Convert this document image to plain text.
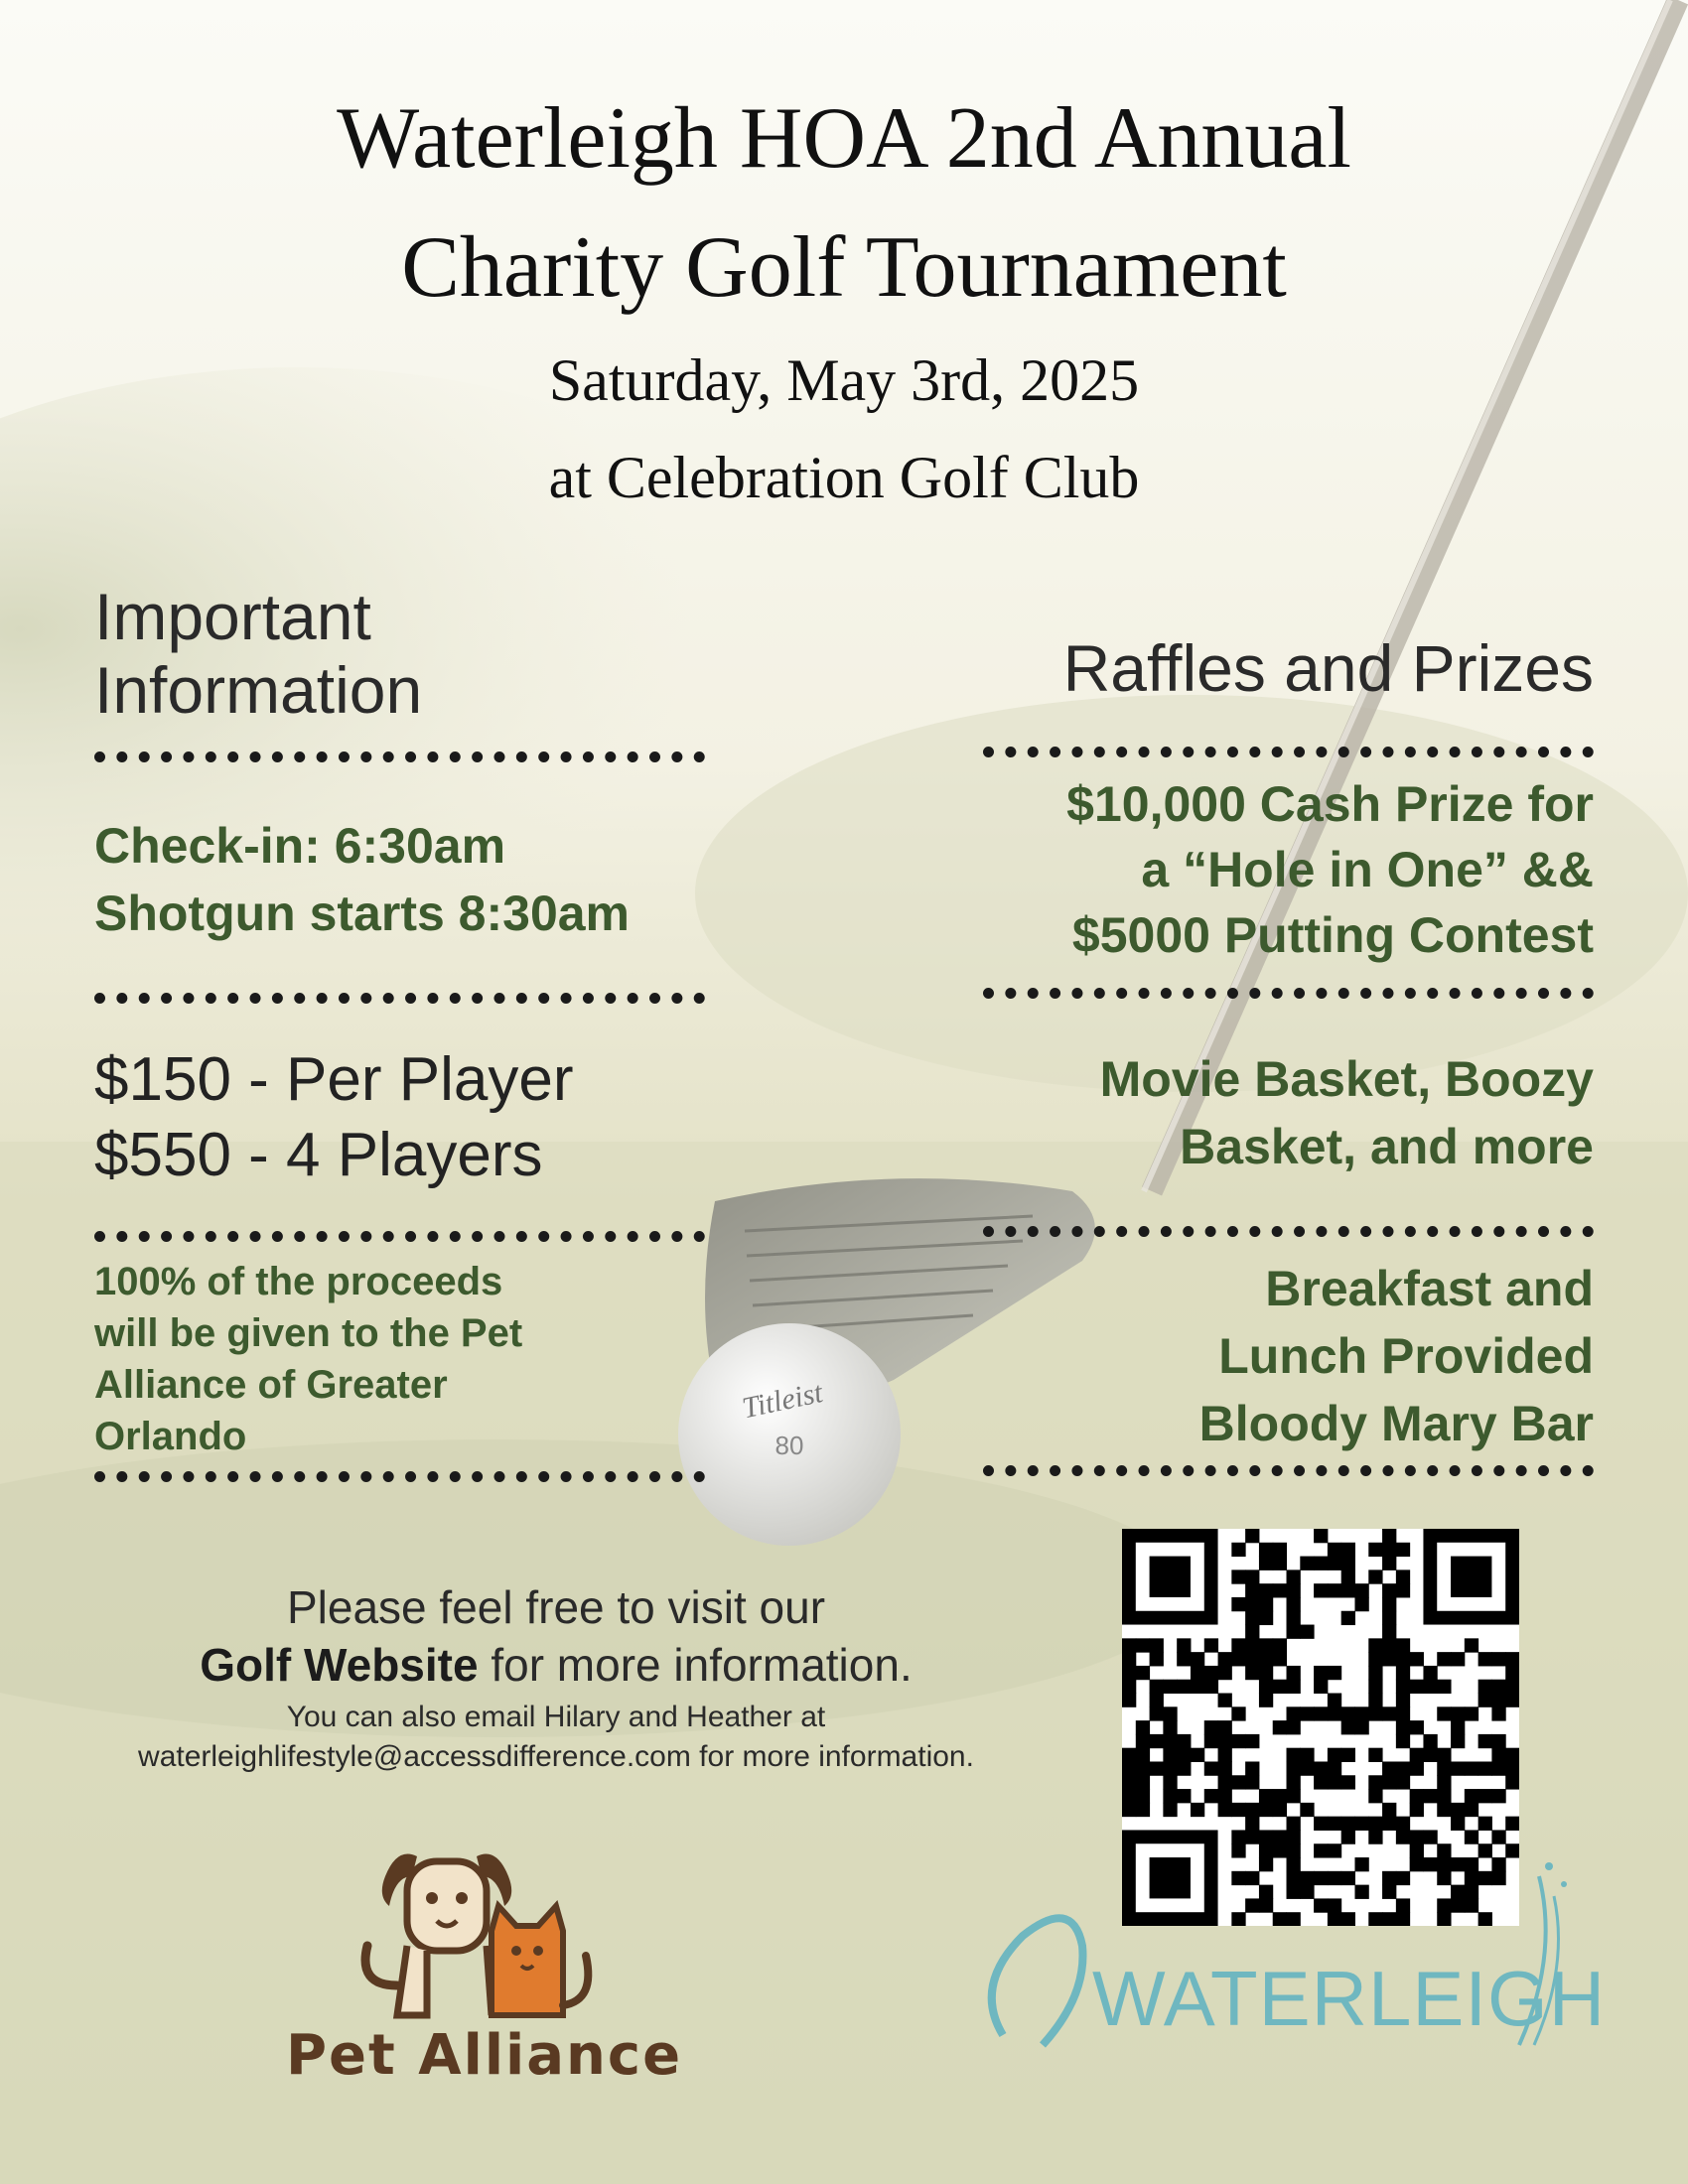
Titleist
80
Waterleigh HOA 2nd Annual
Charity Golf Tournament
Saturday, May 3rd, 2025
at Celebration Golf Club
Important
Information
Check-in: 6:30am
Shotgun starts 8:30am
$150 - Per Player
$550 - 4 Players
100% of the proceeds
will be given to the Pet
Alliance of Greater
Orlando
Raffles and Prizes
$10,000 Cash Prize for
a “Hole in One” &&
$5000 Putting Contest
Movie Basket, Boozy
Basket, and more
Breakfast and
Lunch Provided
Bloody Mary Bar
Please feel free to visit our
Golf Website for more information.
You can also email Hilary and Heather at
waterleighlifestyle@accessdifference.com for more information.
Pet Alliance
WATERLEIGH
